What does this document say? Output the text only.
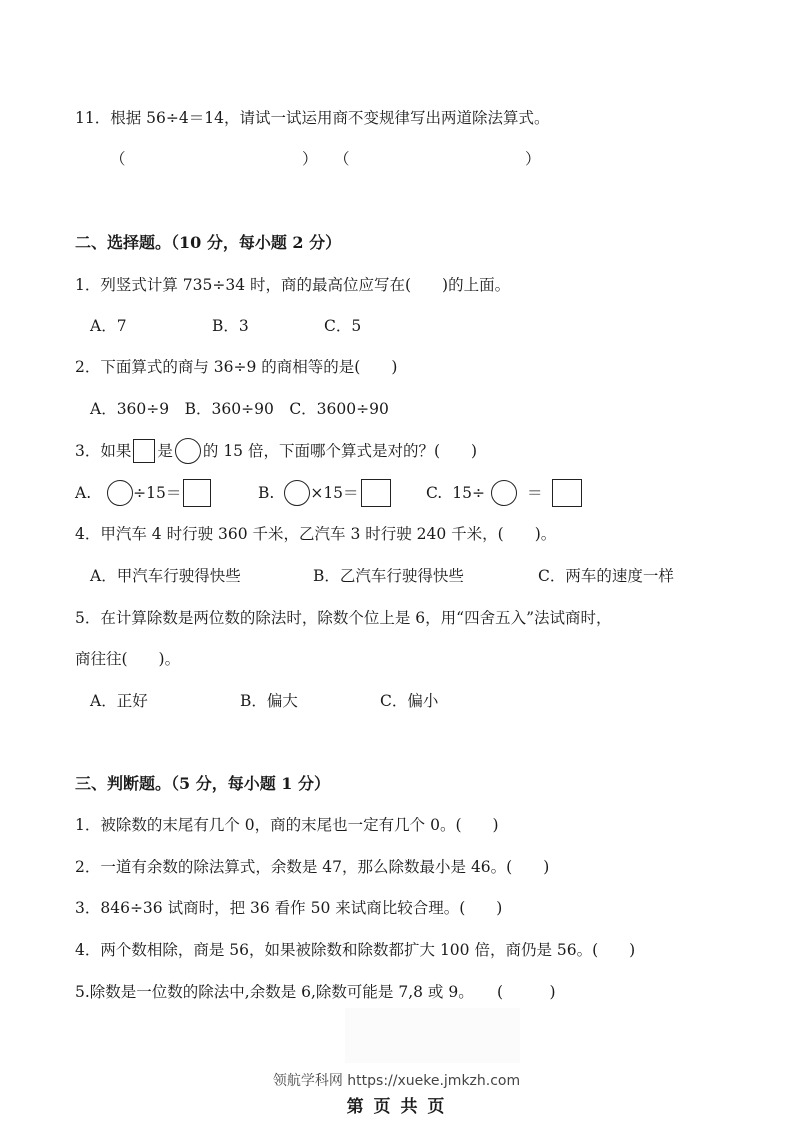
11．根据 56÷4＝14，请试一试运用商不变规律写出两道除法算式。
（	） （	）
二、选择题。（10 分，每小题 2 分）
1．列竖式计算 735÷34 时，商的最高位应写在(　　)的上面。
A．7	B．3	C．5
2．下面算式的商与 36÷9 的商相等的是(　　)
A．360÷9　B．360÷90　C．3600÷90
3．如果 是 的 15 倍，下面哪个算式是对的？(　　)
A.	÷15＝	B. ×15＝	C. 15÷	＝
4．甲汽车 4 时行驶 360 千米，乙汽车 3 时行驶 240 千米，(　　)。
A．甲汽车行驶得快些	B．乙汽车行驶得快些	C．两车的速度一样
5．在计算除数是两位数的除法时，除数个位上是 6，用“四舍五入”法试商时，
商往往(　　)。
A．正好	B．偏大	C．偏小
三、判断题。（5 分，每小题 1 分）
1．被除数的末尾有几个 0，商的末尾也一定有几个 0。(　　)
2．一道有余数的除法算式，余数是 47，那么除数最小是 46。(　　)
3．846÷36 试商时，把 36 看作 50 来试商比较合理。(　　)
4．两个数相除，商是 56，如果被除数和除数都扩大 100 倍，商仍是 56。(　　)
5.除数是一位数的除法中,余数是 6,除数可能是 7,8 或 9。　　(　　　)
领航学科网 https://xueke.jmkzh.com
第 页 共 页
